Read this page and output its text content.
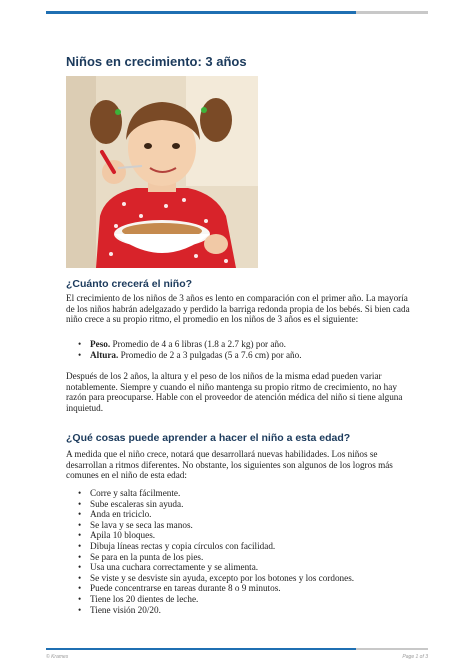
Niños en crecimiento: 3 años
¿Cuánto crecerá el niño?

El crecimiento de los niños de 3 años es lento en comparación con el primer año. La mayoría de los niños habrán adelgazado y perdido la barriga redonda propia de los bebés. Si bien cada niño crece a su propio ritmo, el promedio en los niños de 3 años es el siguiente:

• Peso. Promedio de 4 a 6 libras (1.8 a 2.7 kg) por año.
• Altura. Promedio de 2 a 3 pulgadas (5 a 7.6 cm) por año.

Después de los 2 años, la altura y el peso de los niños de la misma edad pueden variar notablemente. Siempre y cuando el niño mantenga su propio ritmo de crecimiento, no hay razón para preocuparse. Hable con el proveedor de atención médica del niño si tiene alguna inquietud.

¿Qué cosas puede aprender a hacer el niño a esta edad?

A medida que el niño crece, notará que desarrollará nuevas habilidades. Los niños se desarrollan a ritmos diferentes. No obstante, los siguientes son algunos de los logros más comunes en el niño de esta edad:

• Corre y salta fácilmente.
• Sube escaleras sin ayuda.
• Anda en triciclo.
• Se lava y se seca las manos.
• Apila 10 bloques.
• Dibuja líneas rectas y copia círculos con facilidad.
• Se para en la punta de los pies.
• Usa una cuchara correctamente y se alimenta.
• Se viste y se desviste sin ayuda, excepto por los botones y los cordones.
• Puede concentrarse en tareas durante 8 o 9 minutos.
• Tiene los 20 dientes de leche.
• Tiene visión 20/20.
© Krames	Page 1 of 3
